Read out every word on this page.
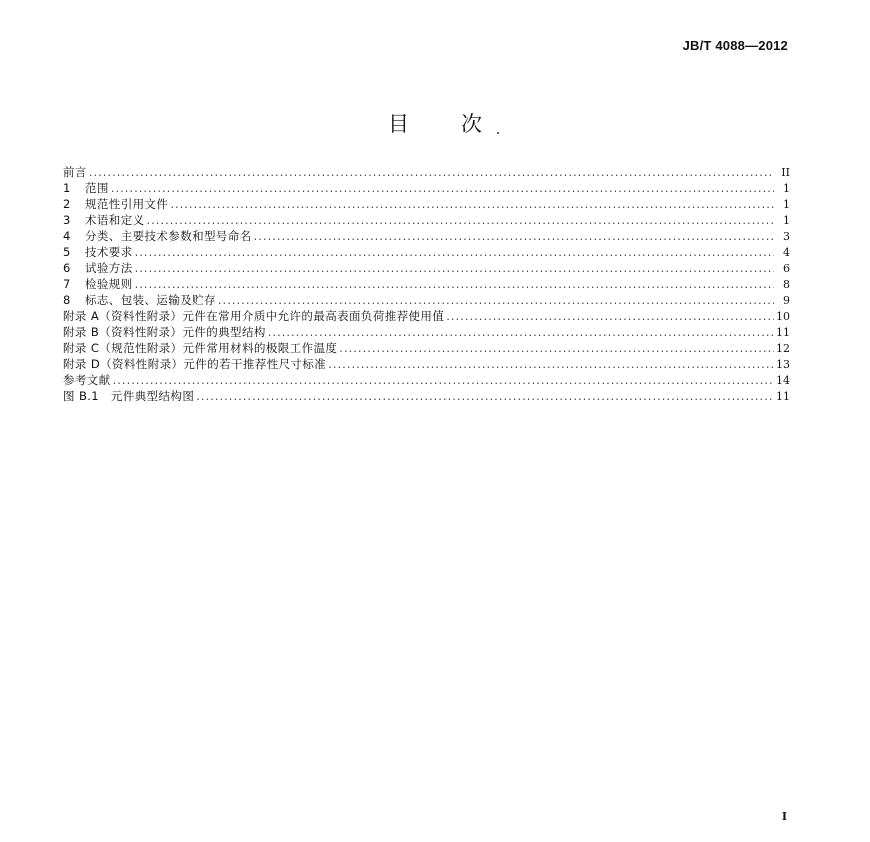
JB/T 4088—2012
目 次
前言 .....	II
1	范围 .....	1
2	规范性引用文件 .....	1
3	术语和定义 .....	1
4	分类、主要技术参数和型号命名 .....	3
5	技术要求 .....	4
6	试验方法 .....	6
7	检验规则 .....	8
8	标志、包装、运输及贮存 .....	9
附录 A（资料性附录）元件在常用介质中允许的最高表面负荷推荐使用值 .....	10
附录 B（资料性附录）元件的典型结构 .....	11
附录 C（规范性附录）元件常用材料的极限工作温度 .....	12
附录 D（资料性附录）元件的若干推荐性尺寸标准 .....	13
参考文献 .....	14
图 B.1　元件典型结构图 .....	11
I
